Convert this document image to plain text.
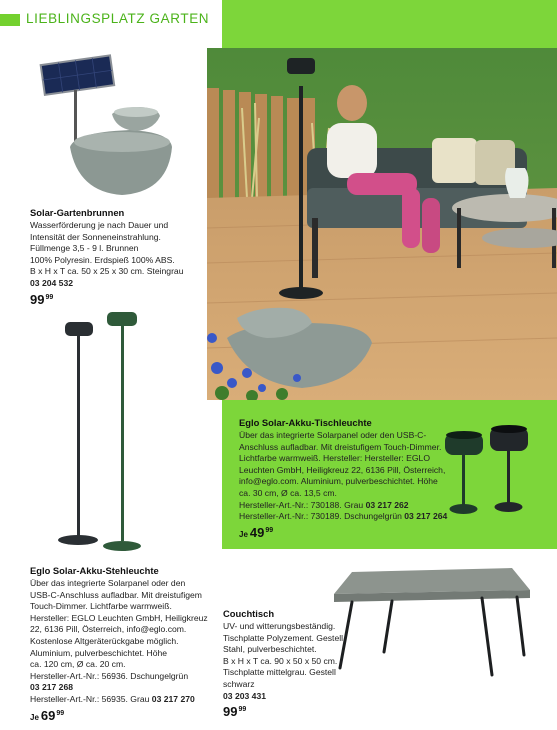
LIEBLINGSPLATZ GARTEN
Solar-Gartenbrunnen
Wasserförderung je nach Dauer und
Intensität der Sonneneinstrahlung.
Füllmenge 3,5 - 9 l. Brunnen
100% Polyresin. Erdspieß 100% ABS.
B x H x T ca. 50 x 25 x 30 cm. Steingrau
03 204 532
$99^{99}$
Eglo Solar-Akku-Tischleuchte
Über das integrierte Solarpanel oder den USB-C-
Anschluss aufladbar. Mit dreistufigem Touch-Dimmer.
Lichtfarbe warmweiß. Hersteller: Hersteller: EGLO
Leuchten GmbH, Heiligkreuz 22, 6136 Pill, Österreich,
info@eglo.com. Aluminium, pulverbeschichtet. Höhe
ca. 30 cm, Ø ca. 13,5 cm.
Hersteller-Art.-Nr.: 730188. Grau 03 217 262
Hersteller-Art.-Nr.: 730189. Dschungelgrün 03 217 264
Je $49^{99}$
Eglo Solar-Akku-Stehleuchte
Über das integrierte Solarpanel oder den
USB-C-Anschluss aufladbar. Mit dreistufigem
Touch-Dimmer. Lichtfarbe warmweiß.
Hersteller: EGLO Leuchten GmbH, Heiligkreuz
22, 6136 Pill, Österreich, info@eglo.com.
Kostenlose Altgeräterückgabe möglich.
Aluminium, pulverbeschichtet. Höhe
ca. 120 cm, Ø ca. 20 cm.
Hersteller-Art.-Nr.: 56936. Dschungelgrün
03 217 268
Hersteller-Art.-Nr.: 56935. Grau 03 217 270
Je $69^{99}$
Couchtisch
UV- und witterungsbeständig.
Tischplatte Polyzement. Gestell
Stahl, pulverbeschichtet.
B x H x T ca. 90 x 50 x 50 cm.
Tischplatte mittelgrau. Gestell
schwarz
03 203 431
$99^{99}$
